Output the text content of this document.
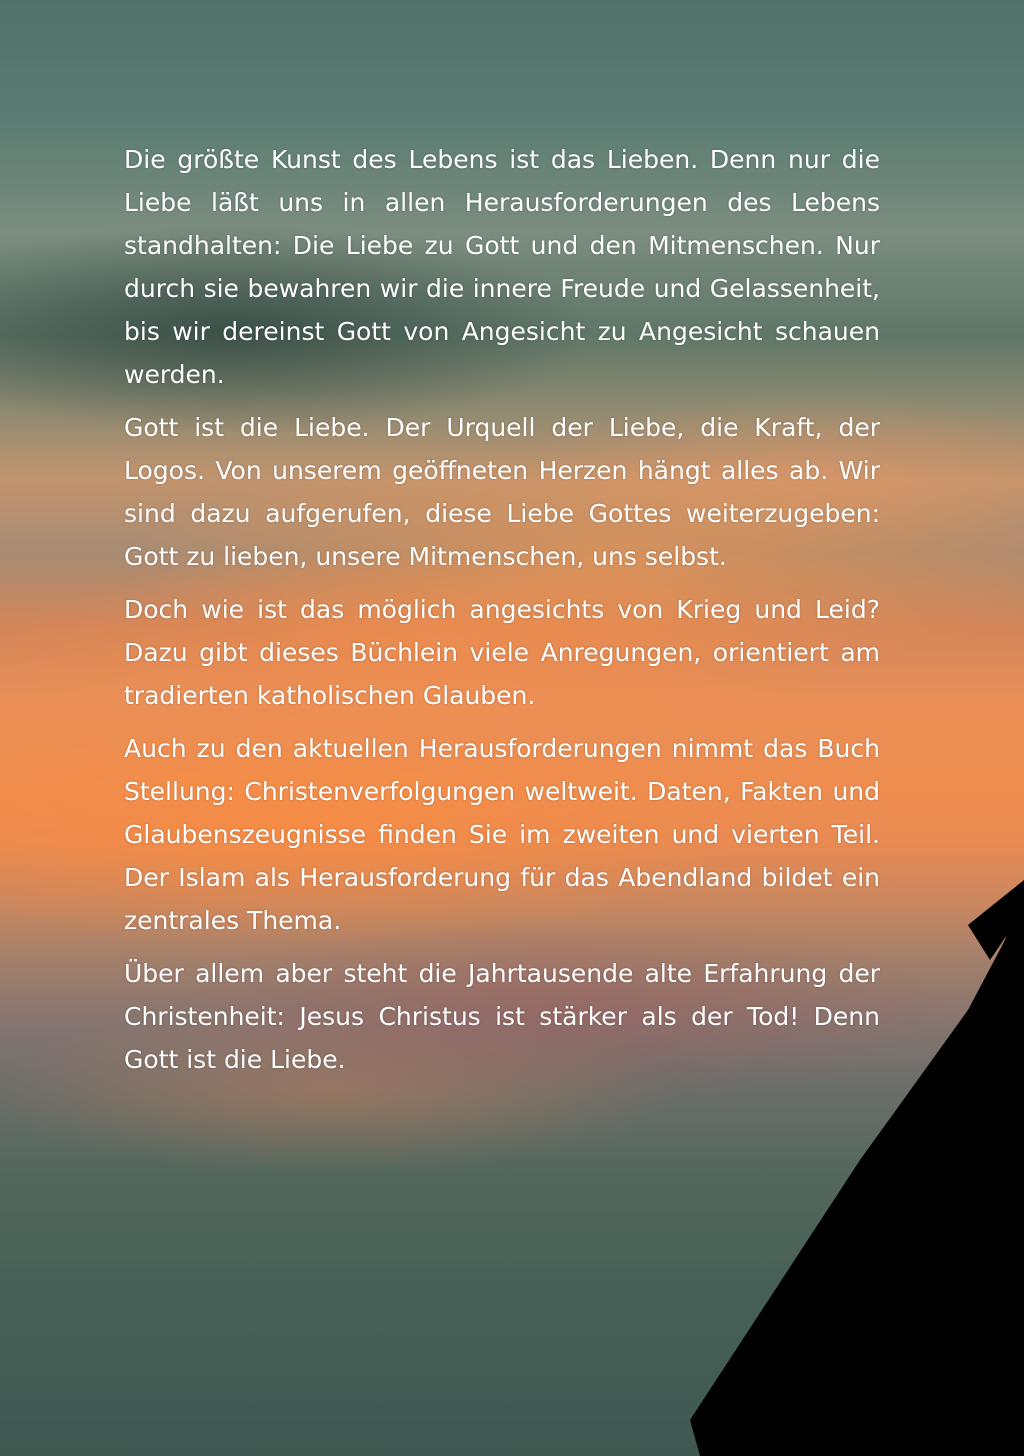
Die größte Kunst des Lebens ist das Lieben. Denn nur die Liebe läßt uns in allen Herausforderungen des Lebens standhalten: Die Liebe zu Gott und den Mitmenschen. Nur durch sie bewahren wir die innere Freude und Gelassenheit, bis wir dereinst Gott von Angesicht zu Angesicht schauen werden.

Gott ist die Liebe. Der Urquell der Liebe, die Kraft, der Logos. Von unserem geöffneten Herzen hängt alles ab. Wir sind dazu aufgerufen, diese Liebe Gottes weiterzugeben: Gott zu lieben, unsere Mitmenschen, uns selbst.

Doch wie ist das möglich angesichts von Krieg und Leid? Dazu gibt dieses Büchlein viele Anregungen, orientiert am tradierten katholischen Glauben.

Auch zu den aktuellen Herausforderungen nimmt das Buch Stellung: Christenverfolgungen weltweit. Daten, Fakten und Glaubenszeugnisse finden Sie im zweiten und vierten Teil. Der Islam als Herausforderung für das Abendland bildet ein zentrales Thema.

Über allem aber steht die Jahrtausende alte Erfahrung der Christenheit: Jesus Christus ist stärker als der Tod! Denn Gott ist die Liebe.
